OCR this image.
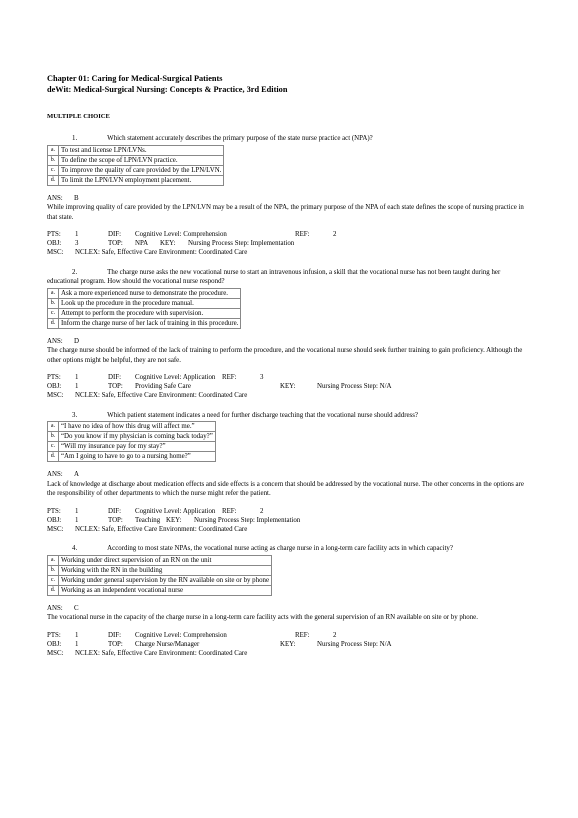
Chapter 01: Caring for Medical-Surgical Patients
deWit: Medical-Surgical Nursing: Concepts & Practice, 3rd Edition
MULTIPLE CHOICE
1.	Which statement accurately describes the primary purpose of the state nurse practice act (NPA)?
a.	To test and license LPN/LVNs.
b.	To define the scope of LPN/LVN practice.
c.	To improve the quality of care provided by the LPN/LVN.
d.	To limit the LPN/LVN employment placement.
ANS: B
While improving quality of care provided by the LPN/LVN may be a result of the NPA, the primary purpose of the NPA of each state defines the scope of nursing practice in that state.
PTS: 1	DIF: Cognitive Level: Comprehension	REF:	2
OBJ: 3	TOP: NPA KEY: Nursing Process Step: Implementation
MSC: NCLEX: Safe, Effective Care Environment: Coordinated Care
2.	The charge nurse asks the new vocational nurse to start an intravenous infusion, a skill that the vocational nurse has not been taught during her educational program. How should the vocational nurse respond?
a.	Ask a more experienced nurse to demonstrate the procedure.
b.	Look up the procedure in the procedure manual.
c.	Attempt to perform the procedure with supervision.
d.	Inform the charge nurse of her lack of training in this procedure.
ANS: D
The charge nurse should be informed of the lack of training to perform the procedure, and the vocational nurse should seek further training to gain proficiency. Although the other options might be helpful, they are not safe.
PTS: 1	DIF: Cognitive Level: Application REF:	3
OBJ: 1	TOP: Providing Safe Care	KEY:	Nursing Process Step: N/A
MSC: NCLEX: Safe, Effective Care Environment: Coordinated Care
3.	Which patient statement indicates a need for further discharge teaching that the vocational nurse should address?
a.	“I have no idea of how this drug will affect me.”
b.	“Do you know if my physician is coming back today?”
c.	“Will my insurance pay for my stay?”
d.	“Am I going to have to go to a nursing home?”
ANS: A
Lack of knowledge at discharge about medication effects and side effects is a concern that should be addressed by the vocational nurse. The other concerns in the options are the responsibility of other departments to which the nurse might refer the patient.
PTS: 1	DIF: Cognitive Level: Application REF:	2
OBJ: 1	TOP: Teaching KEY: Nursing Process Step: Implementation
MSC: NCLEX: Safe, Effective Care Environment: Coordinated Care
4.	According to most state NPAs, the vocational nurse acting as charge nurse in a long-term care facility acts in which capacity?
a.	Working under direct supervision of an RN on the unit
b.	Working with the RN in the building
c.	Working under general supervision by the RN available on site or by phone
d.	Working as an independent vocational nurse
ANS: C
The vocational nurse in the capacity of the charge nurse in a long-term care facility acts with the general supervision of an RN available on site or by phone.
PTS: 1	DIF: Cognitive Level: Comprehension	REF:	2
OBJ: 1	TOP: Charge Nurse/Manager	KEY:	Nursing Process Step: N/A
MSC: NCLEX: Safe, Effective Care Environment: Coordinated Care
